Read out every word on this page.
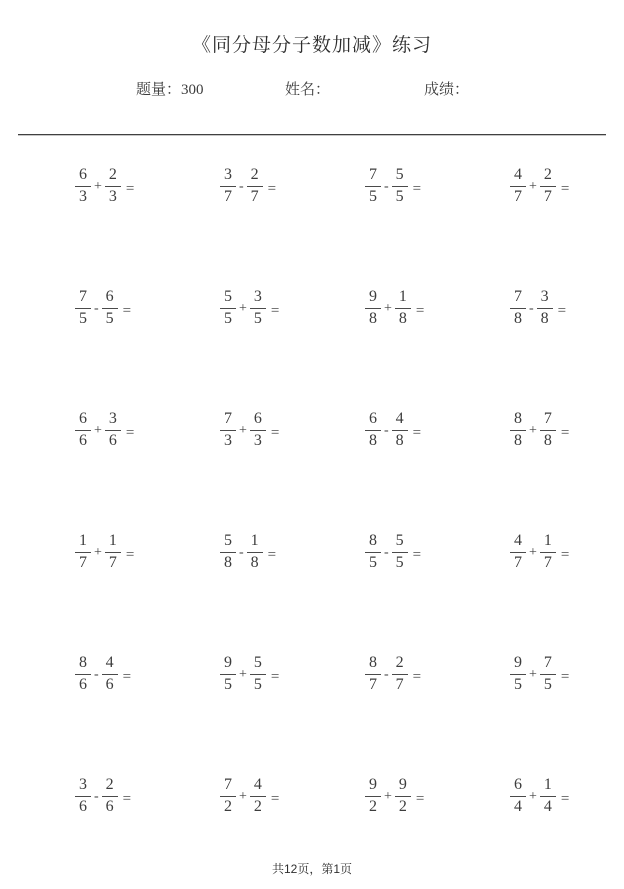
《同分母分子数加减》练习
题量：300	姓名：	成绩：
$\frac{6}{3} + \frac{2}{3}$ =	$\frac{3}{7} - \frac{2}{7}$ =	$\frac{7}{5} - \frac{5}{5}$ =	$\frac{4}{7} + \frac{2}{7}$ =
$\frac{7}{5} - \frac{6}{5}$ =	$\frac{5}{5} + \frac{3}{5}$ =	$\frac{9}{8} + \frac{1}{8}$ =	$\frac{7}{8} - \frac{3}{8}$ =
$\frac{6}{6} + \frac{3}{6}$ =	$\frac{7}{3} + \frac{6}{3}$ =	$\frac{6}{8} - \frac{4}{8}$ =	$\frac{8}{8} + \frac{7}{8}$ =
$\frac{1}{7} + \frac{1}{7}$ =	$\frac{5}{8} - \frac{1}{8}$ =	$\frac{8}{5} - \frac{5}{5}$ =	$\frac{4}{7} + \frac{1}{7}$ =
$\frac{8}{6} - \frac{4}{6}$ =	$\frac{9}{5} + \frac{5}{5}$ =	$\frac{8}{7} - \frac{2}{7}$ =	$\frac{9}{5} + \frac{7}{5}$ =
$\frac{3}{6} - \frac{2}{6}$ =	$\frac{7}{2} + \frac{4}{2}$ =	$\frac{9}{2} + \frac{9}{2}$ =	$\frac{6}{4} + \frac{1}{4}$ =
共12页，第1页
